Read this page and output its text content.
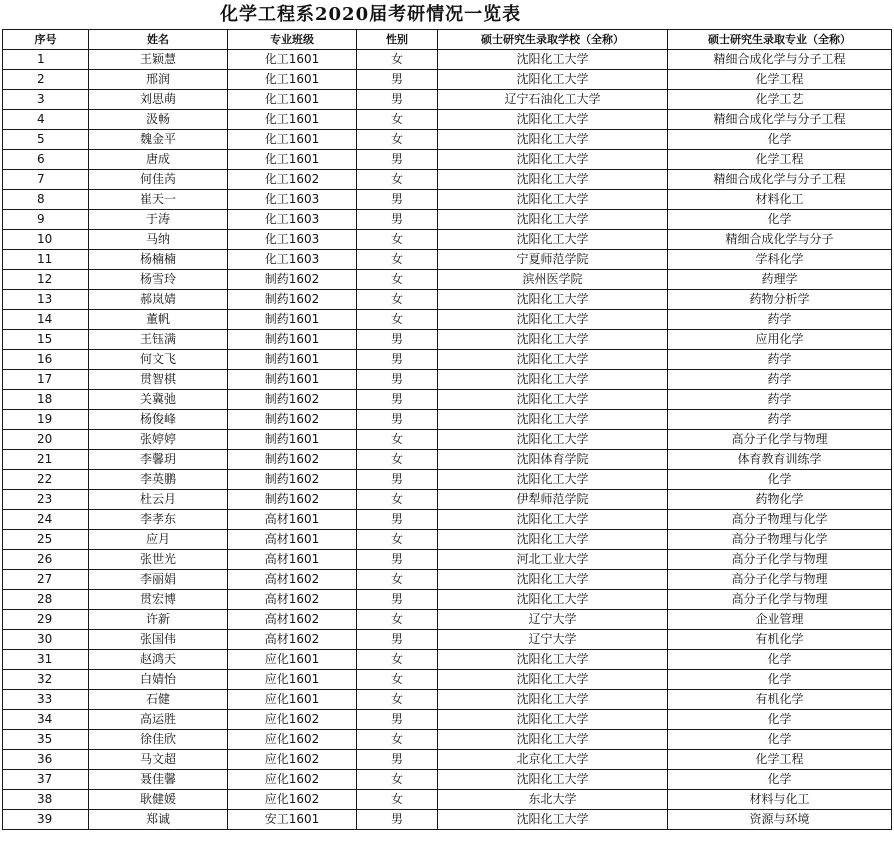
化学工程系2020届考研情况一览表
序号	姓名	专业班级	性别	硕士研究生录取学校（全称）	硕士研究生录取专业（全称）
1	王颖慧	化工1601	女	沈阳化工大学	精细合成化学与分子工程
2	邢润	化工1601	男	沈阳化工大学	化学工程
3	刘思萌	化工1601	男	辽宁石油化工大学	化学工艺
4	汲畅	化工1601	女	沈阳化工大学	精细合成化学与分子工程
5	魏金平	化工1601	女	沈阳化工大学	化学
6	唐成	化工1601	男	沈阳化工大学	化学工程
7	何佳芮	化工1602	女	沈阳化工大学	精细合成化学与分子工程
8	崔天一	化工1603	男	沈阳化工大学	材料化工
9	于涛	化工1603	男	沈阳化工大学	化学
10	马纳	化工1603	女	沈阳化工大学	精细合成化学与分子
11	杨楠楠	化工1603	女	宁夏师范学院	学科化学
12	杨雪玲	制药1602	女	滨州医学院	药理学
13	郝岚婧	制药1602	女	沈阳化工大学	药物分析学
14	董帆	制药1601	女	沈阳化工大学	药学
15	王钰满	制药1601	男	沈阳化工大学	应用化学
16	何文飞	制药1601	男	沈阳化工大学	药学
17	贯智棋	制药1601	男	沈阳化工大学	药学
18	关冀弛	制药1602	男	沈阳化工大学	药学
19	杨俊峰	制药1602	男	沈阳化工大学	药学
20	张婷婷	制药1601	女	沈阳化工大学	高分子化学与物理
21	李馨玥	制药1602	女	沈阳体育学院	体育教育训练学
22	李英鹏	制药1602	男	沈阳化工大学	化学
23	杜云月	制药1602	女	伊犁师范学院	药物化学
24	李孝东	高材1601	男	沈阳化工大学	高分子物理与化学
25	应月	高材1601	女	沈阳化工大学	高分子物理与化学
26	张世光	高材1601	男	河北工业大学	高分子化学与物理
27	李丽娟	高材1602	女	沈阳化工大学	高分子化学与物理
28	贯宏博	高材1602	男	沈阳化工大学	高分子化学与物理
29	许新	高材1602	女	辽宁大学	企业管理
30	张国伟	高材1602	男	辽宁大学	有机化学
31	赵鸿天	应化1601	女	沈阳化工大学	化学
32	白婧怡	应化1601	女	沈阳化工大学	化学
33	石健	应化1601	女	沈阳化工大学	有机化学
34	高运胜	应化1602	男	沈阳化工大学	化学
35	徐佳欣	应化1602	女	沈阳化工大学	化学
36	马文超	应化1602	男	北京化工大学	化学工程
37	聂佳馨	应化1602	女	沈阳化工大学	化学
38	耿健媛	应化1602	女	东北大学	材料与化工
39	郑诚	安工1601	男	沈阳化工大学	资源与环境
